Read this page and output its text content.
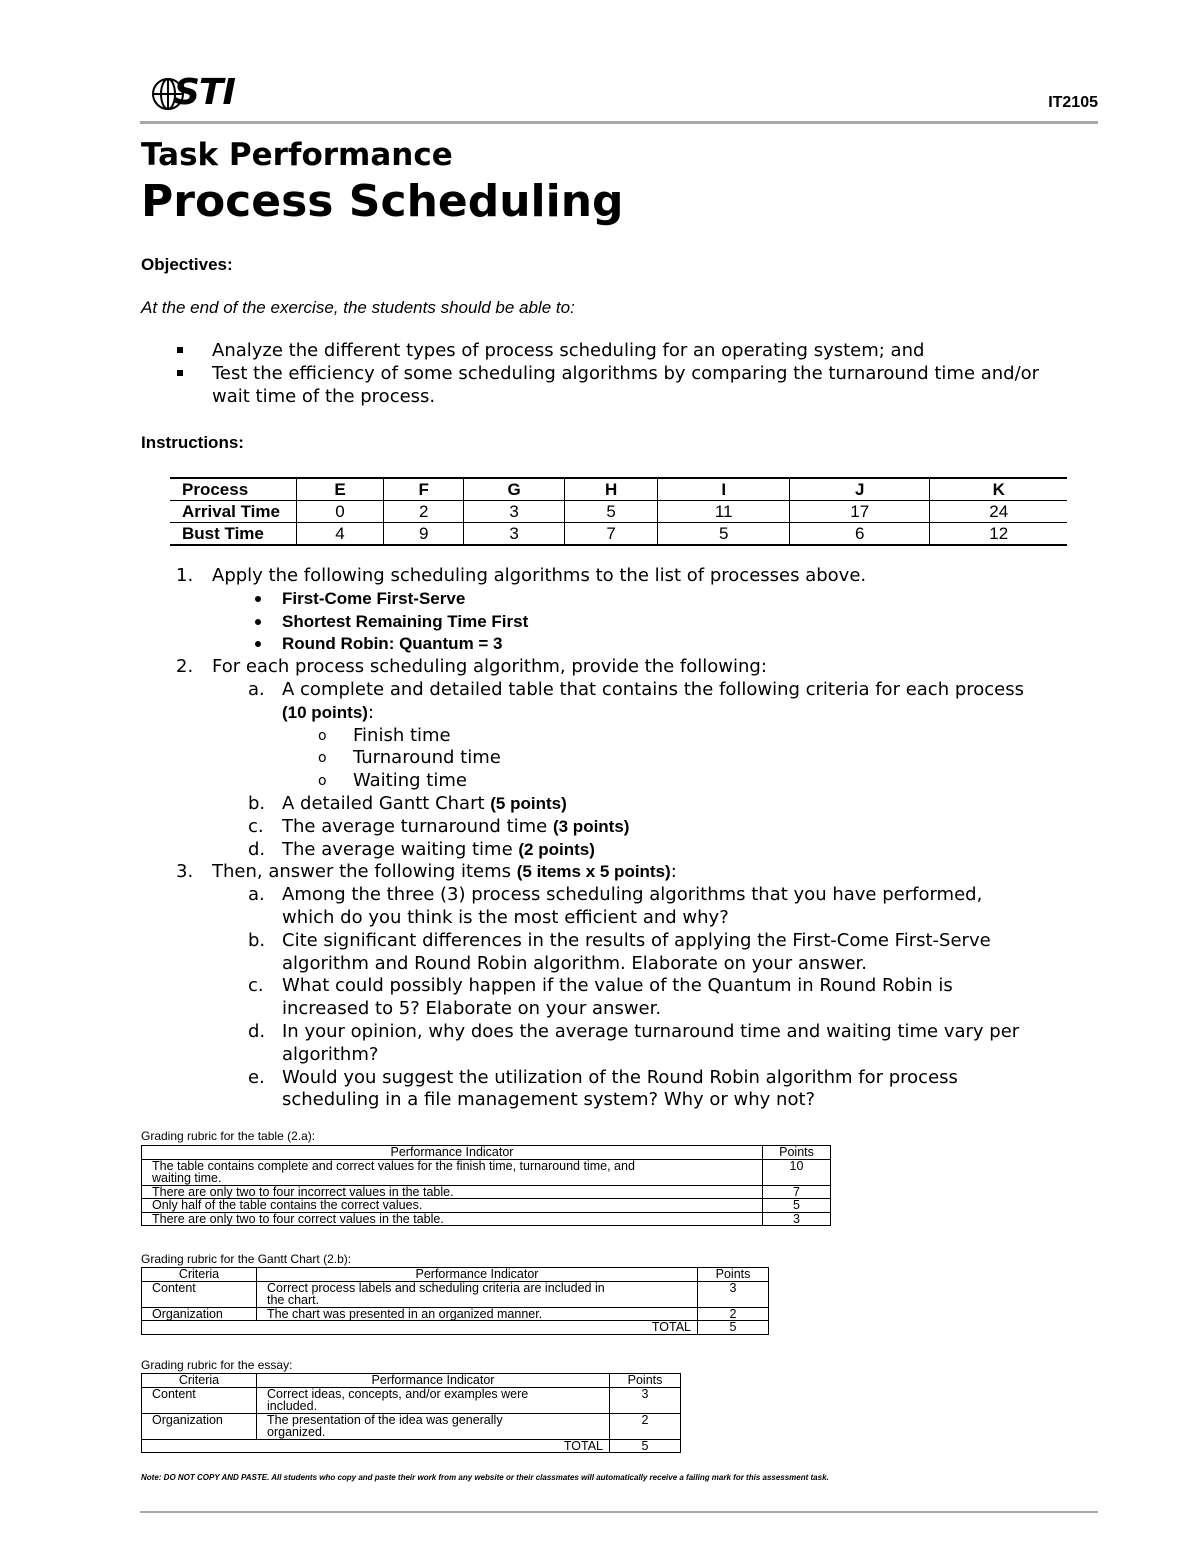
STI	IT2105
Task Performance
Process Scheduling
Objectives:
At the end of the exercise, the students should be able to:
Analyze the different types of process scheduling for an operating system; and
Test the efficiency of some scheduling algorithms by comparing the turnaround time and/or wait time of the process.
Instructions:
Process	E	F	G	H	I	J	K
Arrival Time	0	2	3	5	11	17	24
Bust Time	4	9	3	7	5	6	12
1. Apply the following scheduling algorithms to the list of processes above.
First-Come First-Serve
Shortest Remaining Time First
Round Robin: Quantum = 3
2. For each process scheduling algorithm, provide the following:
a. A complete and detailed table that contains the following criteria for each process
(10 points):
o Finish time
o Turnaround time
o Waiting time
b. A detailed Gantt Chart (5 points)
c. The average turnaround time (3 points)
d. The average waiting time (2 points)
3. Then, answer the following items (5 items x 5 points):
a. Among the three (3) process scheduling algorithms that you have performed,
which do you think is the most efficient and why?
b. Cite significant differences in the results of applying the First-Come First-Serve
algorithm and Round Robin algorithm. Elaborate on your answer.
c. What could possibly happen if the value of the Quantum in Round Robin is
increased to 5? Elaborate on your answer.
d. In your opinion, why does the average turnaround time and waiting time vary per
algorithm?
e. Would you suggest the utilization of the Round Robin algorithm for process
scheduling in a file management system? Why or why not?
Grading rubric for the table (2.a):
Performance Indicator	Points
The table contains complete and correct values for the finish time, turnaround time, and
waiting time.	10
There are only two to four incorrect values in the table.	7
Only half of the table contains the correct values.	5
There are only two to four correct values in the table.	3
Grading rubric for the Gantt Chart (2.b):
Criteria	Performance Indicator	Points
Content	Correct process labels and scheduling criteria are included in
the chart.	3
Organization	The chart was presented in an organized manner.	2
TOTAL		5
Grading rubric for the essay:
Criteria	Performance Indicator	Points
Content	Correct ideas, concepts, and/or examples were
included.	3
Organization	The presentation of the idea was generally
organized.	2
TOTAL		5
Note: DO NOT COPY AND PASTE. All students who copy and paste their work from any website or their classmates will automatically receive a failing mark for this assessment task.
